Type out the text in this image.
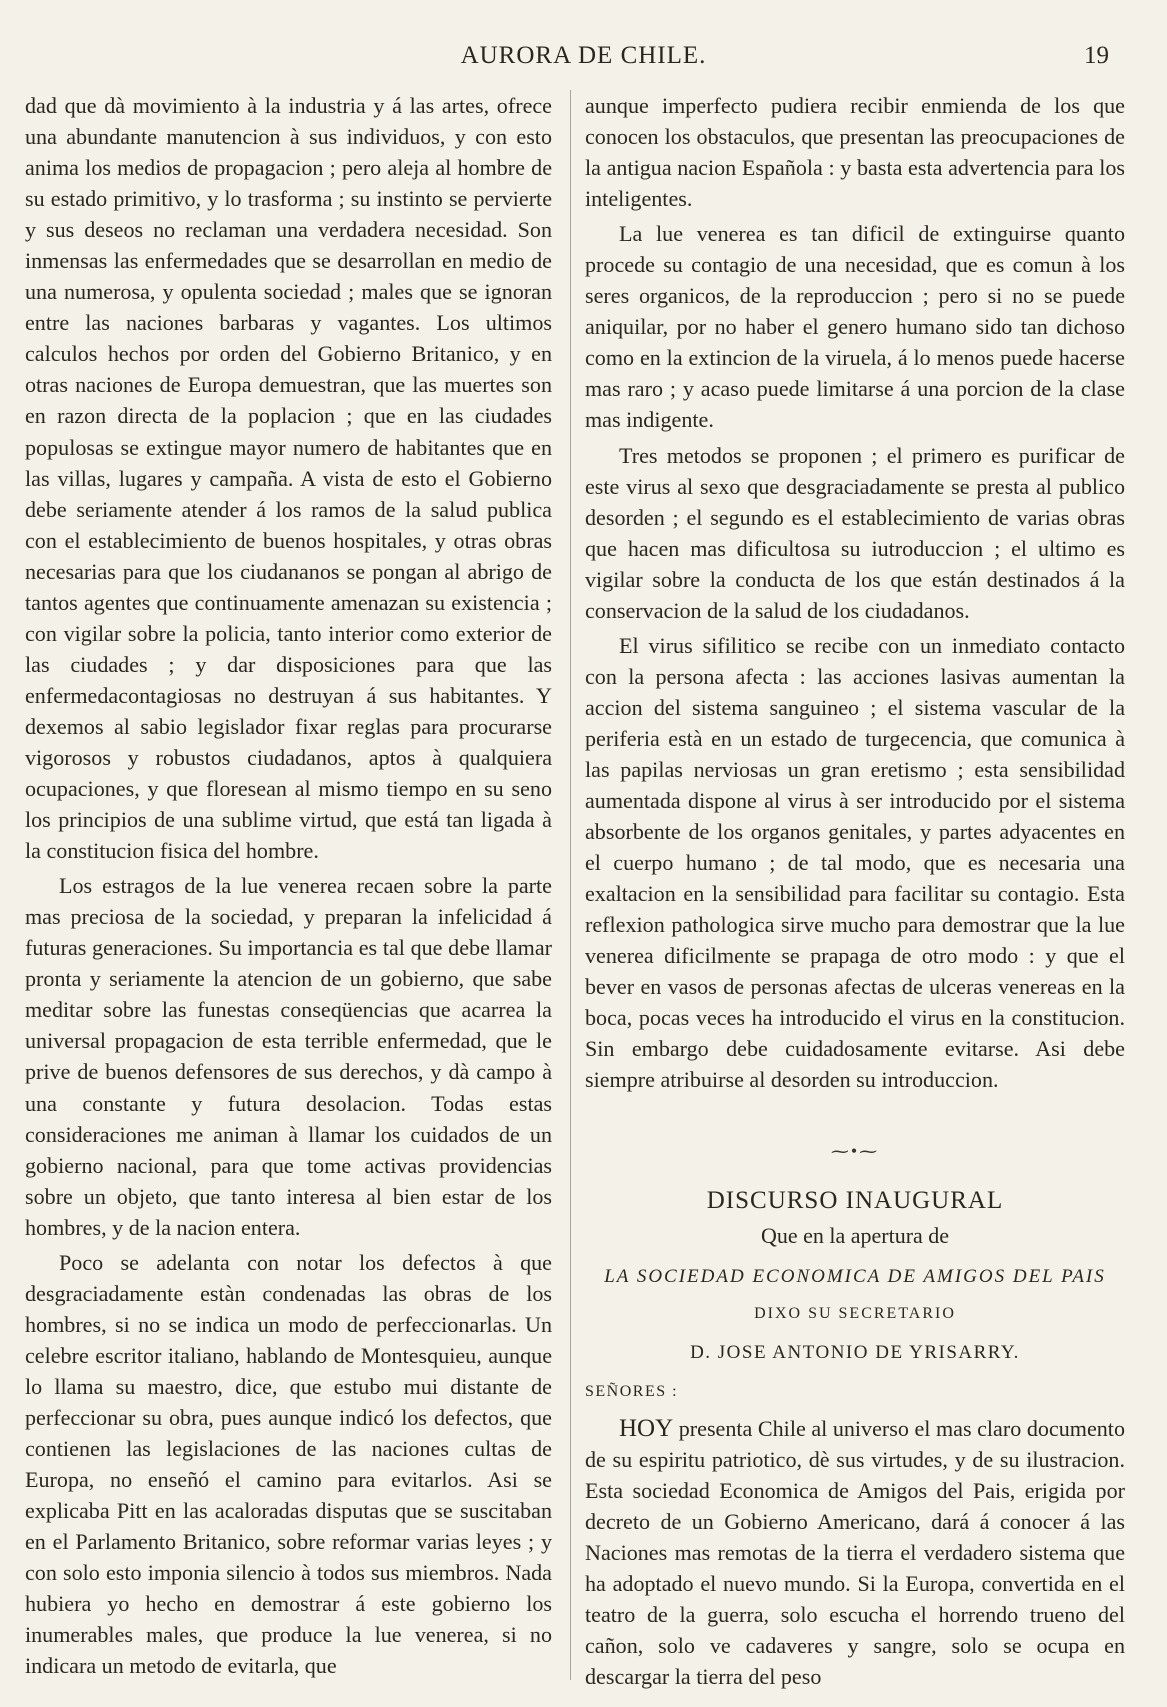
AURORA DE CHILE.	19

dad que dà movimiento à la industria y á las artes, ofrece una abundante manutencion à sus individuos, y con esto anima los medios de propagacion ; pero aleja al hombre de su estado primitivo, y lo trasforma ; su instinto se pervierte y sus deseos no reclaman una verdadera necesidad. Son inmensas las enfermedades que se desarrollan en medio de una numerosa, y opulenta sociedad ; males que se ignoran entre las naciones barbaras y vagantes. Los ultimos calculos hechos por orden del Gobierno Britanico, y en otras naciones de Europa demuestran, que las muertes son en razon directa de la poplacion ; que en las ciudades populosas se extingue mayor numero de habitantes que en las villas, lugares y campaña. A vista de esto el Gobierno debe seriamente atender á los ramos de la salud publica con el establecimiento de buenos hospitales, y otras obras necesarias para que los ciudananos se pongan al abrigo de tantos agentes que continuamente amenazan su existencia ; con vigilar sobre la policia, tanto interior como exterior de las ciudades ; y dar disposiciones para que las enfermedacontagiosas no destruyan á sus habitantes. Y dexemos al sabio legislador fixar reglas para procurarse vigorosos y robustos ciudadanos, aptos à qualquiera ocupaciones, y que floresean al mismo tiempo en su seno los principios de una sublime virtud, que está tan ligada à la constitucion fisica del hombre.

Los estragos de la lue venerea recaen sobre la parte mas preciosa de la sociedad, y preparan la infelicidad á futuras generaciones. Su importancia es tal que debe llamar pronta y seriamente la atencion de un gobierno, que sabe meditar sobre las funestas conseqüencias que acarrea la universal propagacion de esta terrible enfermedad, que le prive de buenos defensores de sus derechos, y dà campo à una constante y futura desolacion. Todas estas consideraciones me animan à llamar los cuidados de un gobierno nacional, para que tome activas providencias sobre un objeto, que tanto interesa al bien estar de los hombres, y de la nacion entera.

Poco se adelanta con notar los defectos à que desgraciadamente estàn condenadas las obras de los hombres, si no se indica un modo de perfeccionarlas. Un celebre escritor italiano, hablando de Montesquieu, aunque lo llama su maestro, dice, que estubo mui distante de perfeccionar su obra, pues aunque indicó los defectos, que contienen las legislaciones de las naciones cultas de Europa, no enseñó el camino para evitarlos. Asi se explicaba Pitt en las acaloradas disputas que se suscitaban en el Parlamento Britanico, sobre reformar varias leyes ; y con solo esto imponia silencio à todos sus miembros. Nada hubiera yo hecho en demostrar á este gobierno los inumerables males, que produce la lue venerea, si no indicara un metodo de evitarla, que

aunque imperfecto pudiera recibir enmienda de los que conocen los obstaculos, que presentan las preocupaciones de la antigua nacion Española : y basta esta advertencia para los inteligentes.

La lue venerea es tan dificil de extinguirse quanto procede su contagio de una necesidad, que es comun à los seres organicos, de la reproduccion ; pero si no se puede aniquilar, por no haber el genero humano sido tan dichoso como en la extincion de la viruela, á lo menos puede hacerse mas raro ; y acaso puede limitarse á una porcion de la clase mas indigente.

Tres metodos se proponen ; el primero es purificar de este virus al sexo que desgraciadamente se presta al publico desorden ; el segundo es el establecimiento de varias obras que hacen mas dificultosa su iutroduccion ; el ultimo es vigilar sobre la conducta de los que están destinados á la conservacion de la salud de los ciudadanos.

El virus sifilitico se recibe con un inmediato contacto con la persona afecta : las acciones lasivas aumentan la accion del sistema sanguineo ; el sistema vascular de la periferia està en un estado de turgecencia, que comunica à las papilas nerviosas un gran eretismo ; esta sensibilidad aumentada dispone al virus à ser introducido por el sistema absorbente de los organos genitales, y partes adyacentes en el cuerpo humano ; de tal modo, que es necesaria una exaltacion en la sensibilidad para facilitar su contagio. Esta reflexion pathologica sirve mucho para demostrar que la lue venerea dificilmente se prapaga de otro modo : y que el bever en vasos de personas afectas de ulceras venereas en la boca, pocas veces ha introducido el virus en la constitucion. Sin embargo debe cuidadosamente evitarse. Asi debe siempre atribuirse al desorden su introduccion.

⁓•⁓
DISCURSO INAUGURAL
Que en la apertura de
LA SOCIEDAD ECONOMICA DE AMIGOS DEL PAIS
DIXO SU SECRETARIO
D. JOSE ANTONIO DE YRISARRY.

SEÑORES :

HOY presenta Chile al universo el mas claro documento de su espiritu patriotico, dè sus virtudes, y de su ilustracion. Esta sociedad Economica de Amigos del Pais, erigida por decreto de un Gobierno Americano, dará á conocer á las Naciones mas remotas de la tierra el verdadero sistema que ha adoptado el nuevo mundo. Si la Europa, convertida en el teatro de la guerra, solo escucha el horrendo trueno del cañon, solo ve cadaveres y sangre, solo se ocupa en descargar la tierra del peso
